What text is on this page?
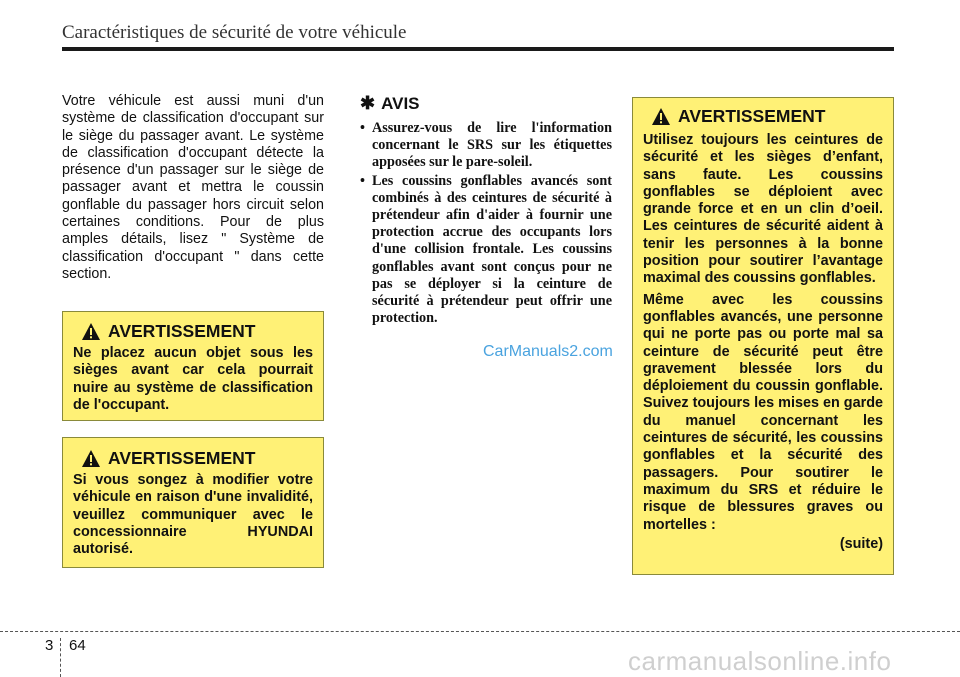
Caractéristiques de sécurité de votre véhicule
Votre véhicule est aussi muni d'un système de classification d'occupant sur le siège du passager avant. Le système de classification d'occupant détecte la présence d'un passager sur le siège de passager avant et mettra le coussin gonflable du passager hors circuit selon certaines conditions. Pour de plus amples détails, lisez " Système de classification d'occupant " dans cette section.
AVERTISSEMENT
Ne placez aucun objet sous les sièges avant car cela pourrait nuire au système de classification de l'occupant.
AVERTISSEMENT
Si vous songez à modifier votre véhicule en raison d'une invalidité, veuillez communiquer avec le concessionnaire HYUNDAI autorisé.
✱ AVIS
• Assurez-vous de lire l'information concernant le SRS sur les étiquettes apposées sur le pare-soleil.
• Les coussins gonflables avancés sont combinés à des ceintures de sécurité à prétendeur afin d'aider à fournir une protection accrue des occupants lors d'une collision frontale. Les coussins gonflables avant sont conçus pour ne pas se déployer si la ceinture de sécurité à prétendeur peut offrir une protection.
CarManuals2.com
AVERTISSEMENT
Utilisez toujours les ceintures de sécurité et les sièges d’enfant, sans faute. Les coussins gonflables se déploient avec grande force et en un clin d’oeil. Les ceintures de sécurité aident à tenir les personnes à la bonne position pour soutirer l’avantage maximal des coussins gonflables.
Même avec les coussins gonflables avancés, une personne qui ne porte pas ou porte mal sa ceinture de sécurité peut être gravement blessée lors du déploiement du coussin gonflable. Suivez toujours les mises en garde du manuel concernant les ceintures de sécurité, les coussins gonflables et la sécurité des passagers. Pour soutirer le maximum du SRS et réduire le risque de blessures graves ou mortelles :
(suite)
3 64
carmanualsonline.info
